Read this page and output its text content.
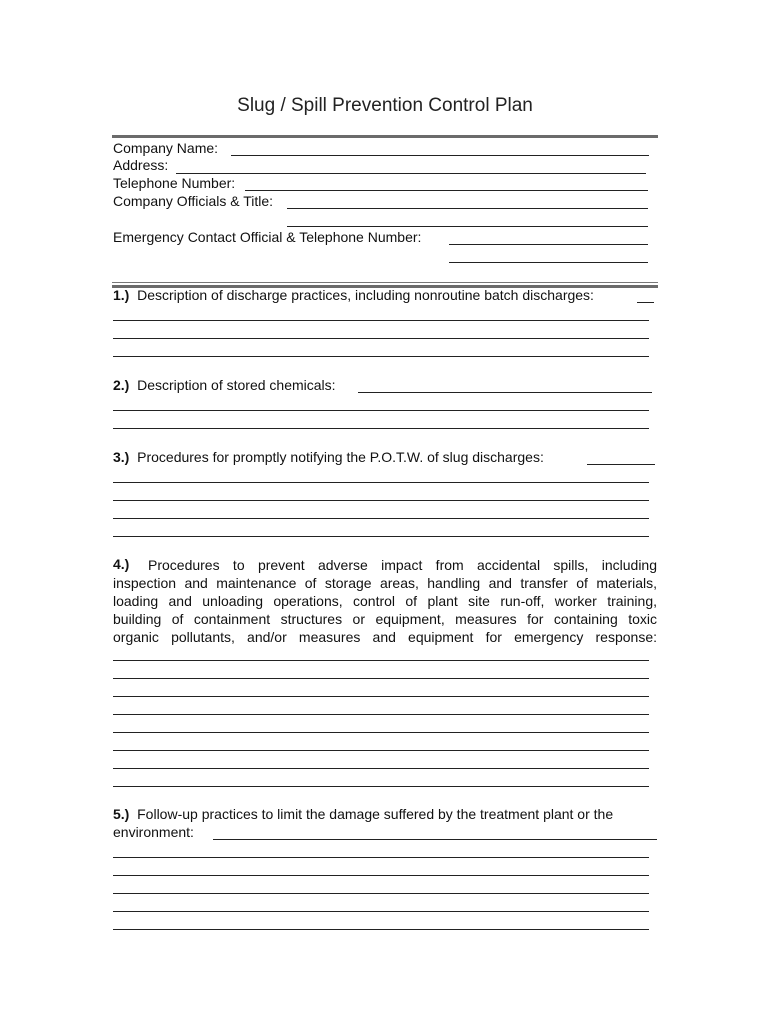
Slug / Spill Prevention Control Plan
Company Name:
Address:
Telephone Number:
Company Officials & Title:
Emergency Contact Official & Telephone Number:
1.) Description of discharge practices, including nonroutine batch discharges:
2.) Description of stored chemicals:
3.) Procedures for promptly notifying the P.O.T.W. of slug discharges:
4.) Procedures to prevent adverse impact from accidental spills, including
inspection and maintenance of storage areas, handling and transfer of materials,
loading and unloading operations, control of plant site run-off, worker training,
building of containment structures or equipment, measures for containing toxic
organic pollutants, and/or measures and equipment for emergency response:
5.) Follow-up practices to limit the damage suffered by the treatment plant or the
environment:
